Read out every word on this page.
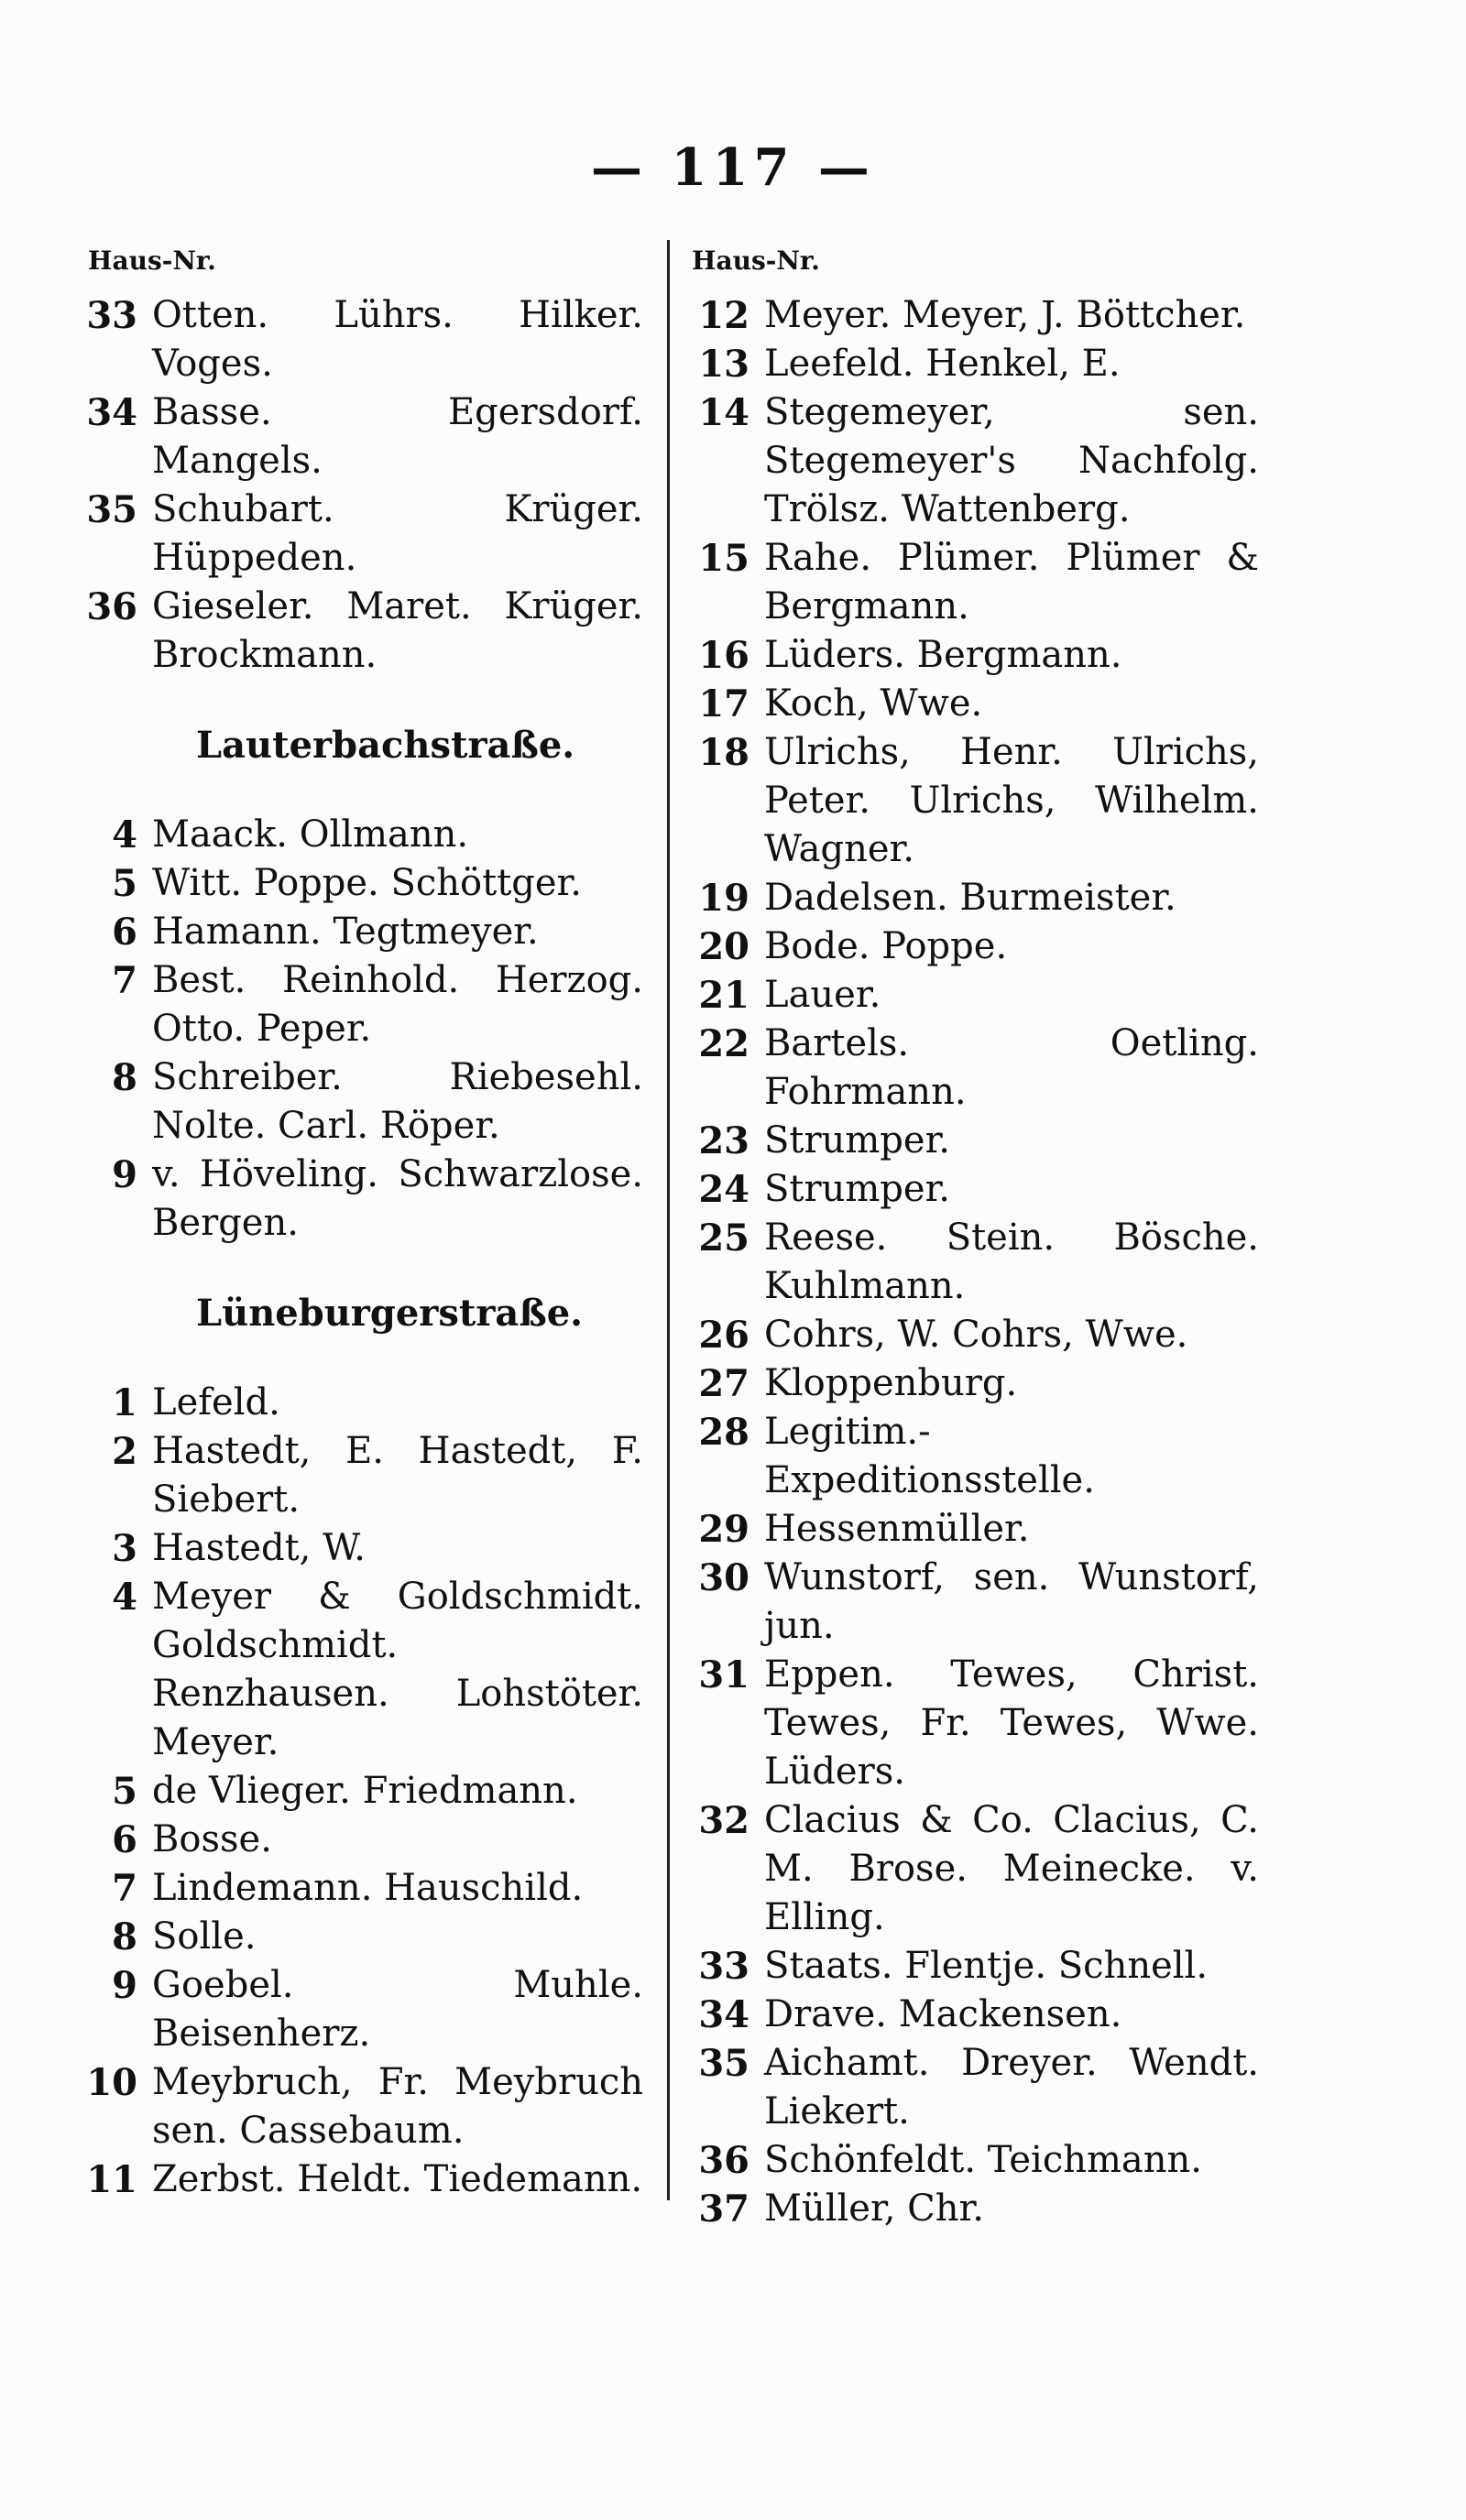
— 117 —
Haus-Nr.	Haus-Nr.
33 Otten. Lührs. Hilker. Voges.
34 Basse. Egersdorf. Mangels.
35 Schubart. Krüger. Hüppeden.
36 Gieseler. Maret. Krüger. Brockmann.
Lauterbachstraße.
4 Maack. Ollmann.
5 Witt. Poppe. Schöttger.
6 Hamann. Tegtmeyer.
7 Best. Reinhold. Herzog. Otto. Peper.
8 Schreiber. Riebesehl. Nolte. Carl. Röper.
9 v. Höveling. Schwarzlose. Bergen.
Lüneburgerstraße.
1 Lefeld.
2 Hastedt, E. Hastedt, F. Siebert.
3 Hastedt, W.
4 Meyer & Goldschmidt. Goldschmidt. Renzhausen. Lohstöter. Meyer.
5 de Vlieger. Friedmann.
6 Bosse.
7 Lindemann. Hauschild.
8 Solle.
9 Goebel. Muhle. Beisenherz.
10 Meybruch, Fr. Meybruch sen. Cassebaum.
11 Zerbst. Heldt. Tiedemann.
12 Meyer. Meyer, J. Böttcher.
13 Leefeld. Henkel, E.
14 Stegemeyer, sen. Stegemeyer's Nachfolg. Trölsz. Wattenberg.
15 Rahe. Plümer. Plümer & Bergmann.
16 Lüders. Bergmann.
17 Koch, Wwe.
18 Ulrichs, Henr. Ulrichs, Peter. Ulrichs, Wilhelm. Wagner.
19 Dadelsen. Burmeister.
20 Bode. Poppe.
21 Lauer.
22 Bartels. Oetling. Fohrmann.
23 Strumper.
24 Strumper.
25 Reese. Stein. Bösche. Kuhlmann.
26 Cohrs, W. Cohrs, Wwe.
27 Kloppenburg.
28 Legitim.-Expeditionsstelle.
29 Hessenmüller.
30 Wunstorf, sen. Wunstorf, jun.
31 Eppen. Tewes, Christ. Tewes, Fr. Tewes, Wwe. Lüders.
32 Clacius & Co. Clacius, C. M. Brose. Meinecke. v. Elling.
33 Staats. Flentje. Schnell.
34 Drave. Mackensen.
35 Aichamt. Dreyer. Wendt. Liekert.
36 Schönfeldt. Teichmann.
37 Müller, Chr.
